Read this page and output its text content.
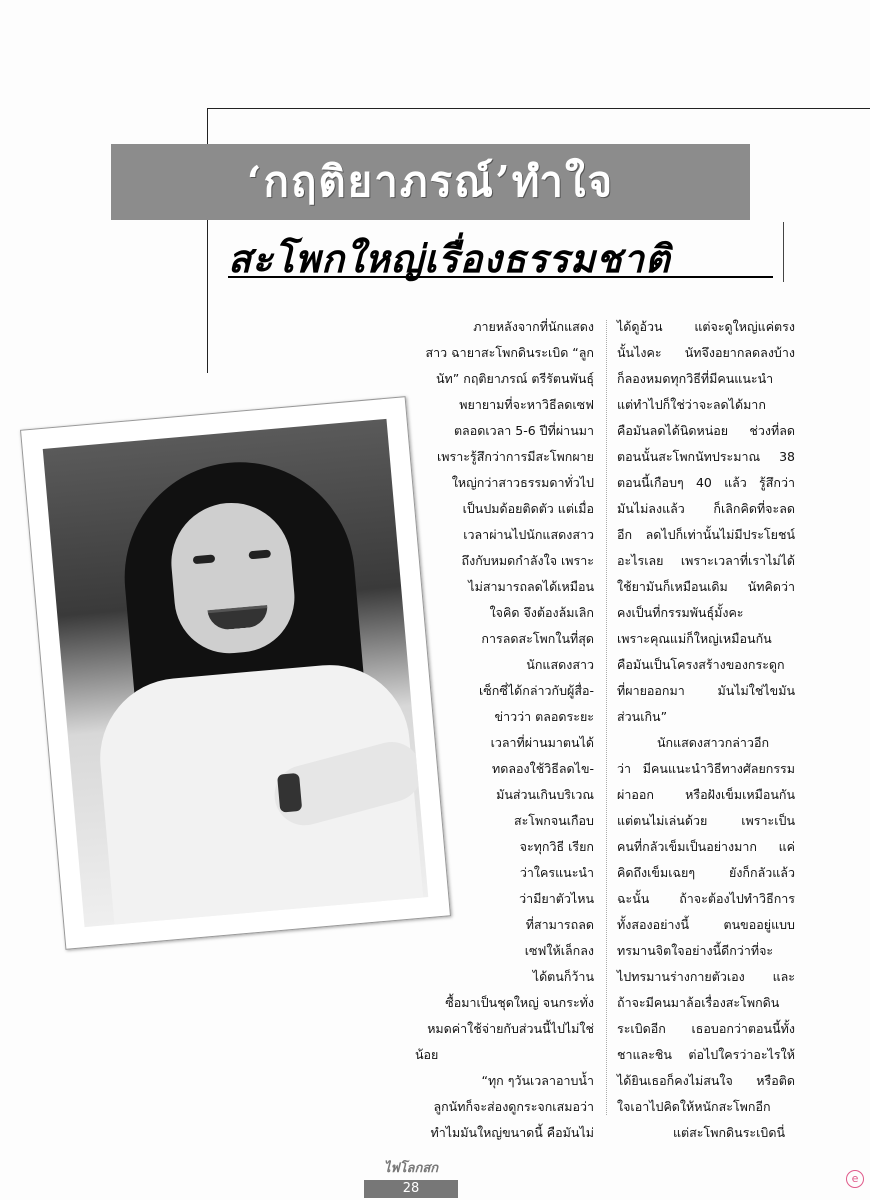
‘กฤติยาภรณ์’ทำใจ
สะโพกใหญ่เรื่องธรรมชาติ
ภายหลังจากที่นักแสดง
สาว ฉายาสะโพกดินระเบิด “ลูก
นัท” กฤติยาภรณ์ ตรีรัตนพันธุ์
พยายามที่จะหาวิธีลดเซฟ
ตลอดเวลา 5-6 ปีที่ผ่านมา
เพราะรู้สึกว่าการมีสะโพกผาย
ใหญ่กว่าสาวธรรมดาทั่วไป
เป็นปมด้อยติดตัว แต่เมื่อ
เวลาผ่านไปนักแสดงสาว
ถึงกับหมดกำลังใจ เพราะ
ไม่สามารถลดได้เหมือน
ใจคิด จึงต้องล้มเลิก
การลดสะโพกในที่สุด
นักแสดงสาว
เซ็กซี่ได้กล่าวกับผู้สื่อ-
ข่าวว่า ตลอดระยะ
เวลาที่ผ่านมาตนได้
ทดลองใช้วิธีลดไข-
มันส่วนเกินบริเวณ
สะโพกจนเกือบ
จะทุกวิธี เรียก
ว่าใครแนะนำ
ว่ามียาตัวไหน
ที่สามารถลด
เซฟให้เล็กลง
ได้ตนก็ว้าน
ซื้อมาเป็นชุดใหญ่ จนกระทั่ง
หมดค่าใช้จ่ายกับส่วนนี้ไปไม่ใช่
น้อย
“ทุก ๆวันเวลาอาบน้ำ
ลูกนัทก็จะส่องดูกระจกเสมอว่า
ทำไมมันใหญ่ขนาดนี้ คือมันไม่
ได้ดูอ้วน แต่จะดูใหญ่แค่ตรง
นั้นไงคะ นัทจึงอยากลดลงบ้าง
ก็ลองหมดทุกวิธีที่มีคนแนะนำ
แต่ทำไปก็ใช่ว่าจะลดได้มาก
คือมันลดได้นิดหน่อย ช่วงที่ลด
ตอนนั้นสะโพกนัทประมาณ 38
ตอนนี้เกือบๆ 40 แล้ว รู้สึกว่า
มันไม่ลงแล้ว ก็เลิกคิดที่จะลด
อีก ลดไปก็เท่านั้นไม่มีประโยชน์
อะไรเลย เพราะเวลาที่เราไม่ได้
ใช้ยามันก็เหมือนเดิม นัทคิดว่า
คงเป็นที่กรรมพันธุ์มั้งคะ
เพราะคุณแม่ก็ใหญ่เหมือนกัน
คือมันเป็นโครงสร้างของกระดูก
ที่ผายออกมา มันไม่ใช่ไขมัน
ส่วนเกิน”
นักแสดงสาวกล่าวอีก
ว่า มีคนแนะนำวิธีทางศัลยกรรม
ผ่าออก หรือฝังเข็มเหมือนกัน
แต่ตนไม่เล่นด้วย เพราะเป็น
คนที่กลัวเข็มเป็นอย่างมาก แค่
คิดถึงเข็มเฉยๆ ยังก็กลัวแล้ว
ฉะนั้น ถ้าจะต้องไปทำวิธีการ
ทั้งสองอย่างนี้ ตนขออยู่แบบ
ทรมานจิตใจอย่างนี้ดีกว่าที่จะ
ไปทรมานร่างกายตัวเอง และ
ถ้าจะมีคนมาล้อเรื่องสะโพกดิน
ระเบิดอีก เธอบอกว่าตอนนี้ทั้ง
ชาและชิน ต่อไปใครว่าอะไรให้
ได้ยินเธอก็คงไม่สนใจ หรือติด
ใจเอาไปคิดให้หนักสะโพกอีก
แต่สะโพกดินระเบิดนี่
ไฟโลกสก
28
e
